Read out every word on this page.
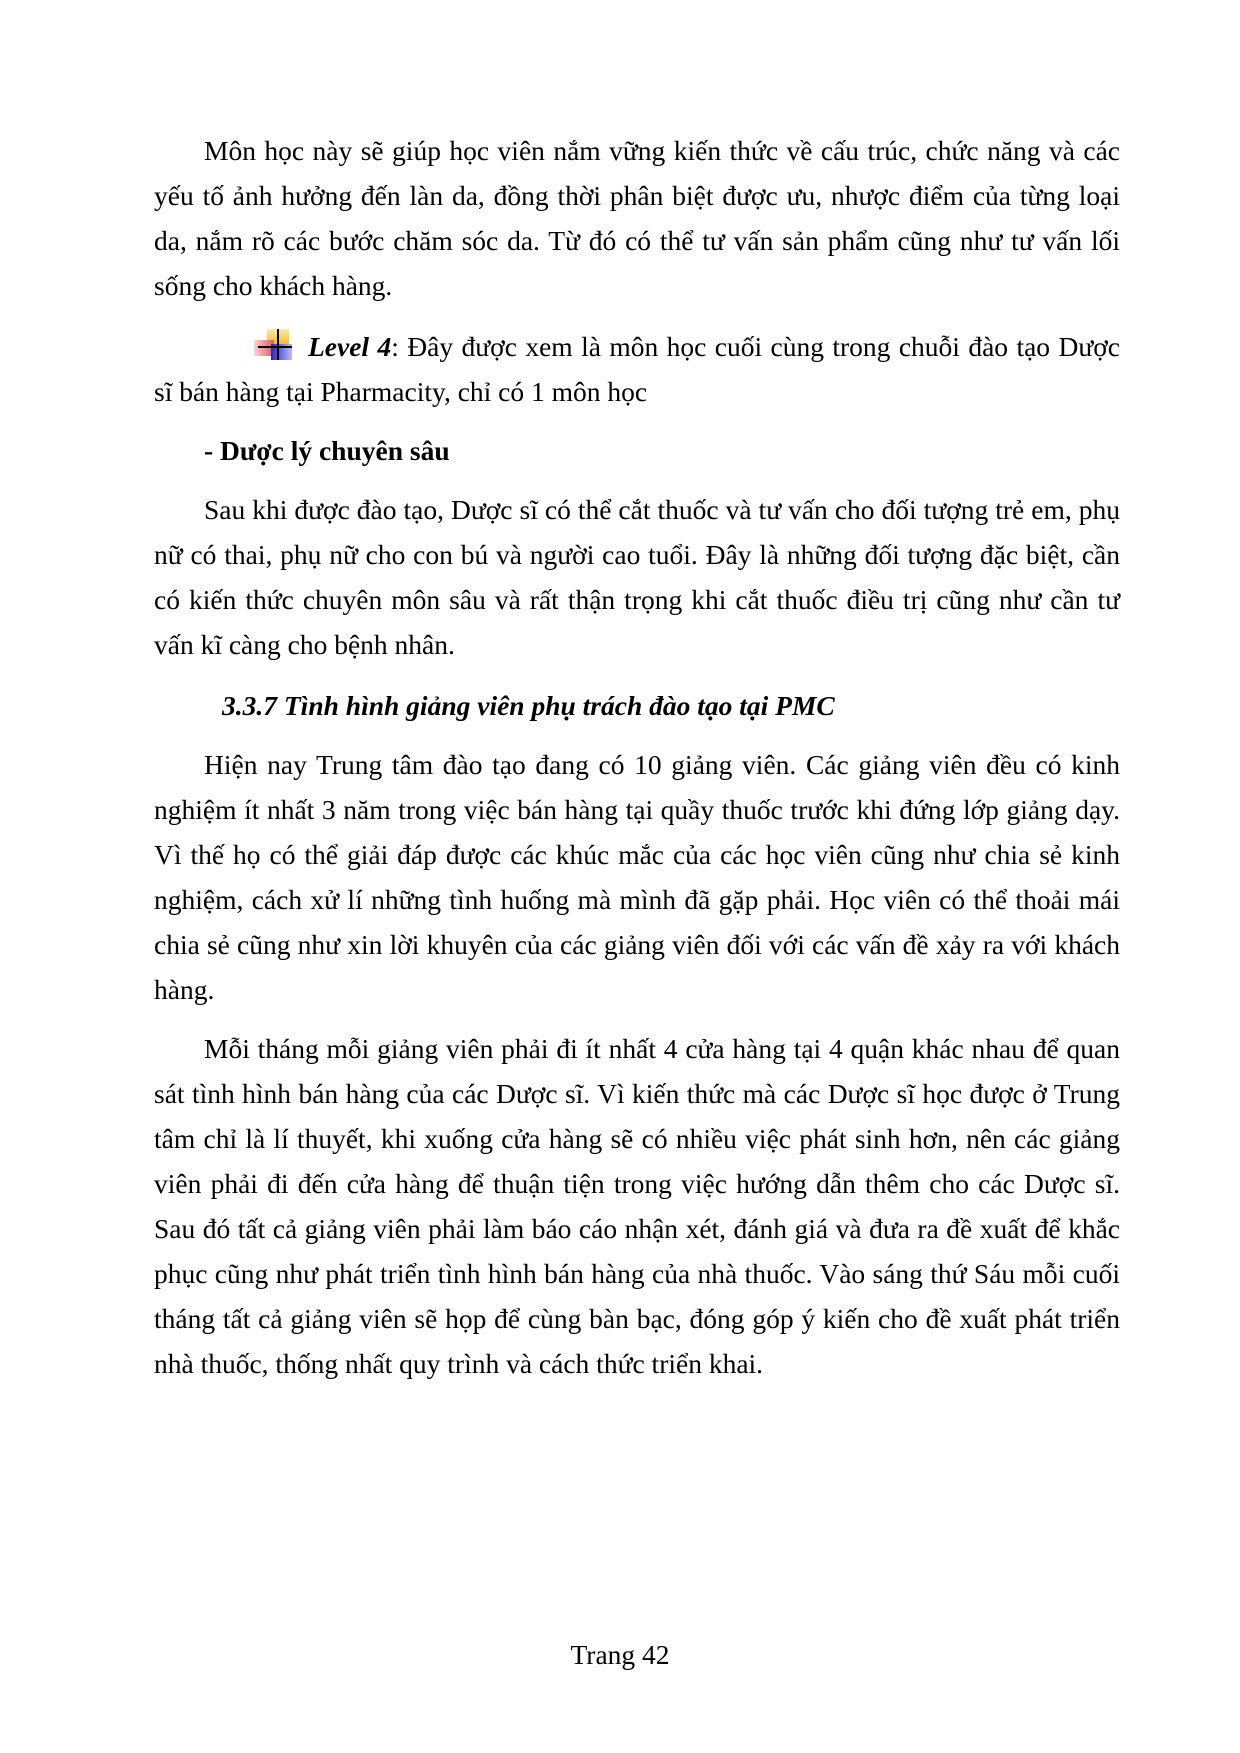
Môn học này sẽ giúp học viên nắm vững kiến thức về cấu trúc, chức năng và các yếu tố ảnh hưởng đến làn da, đồng thời phân biệt được ưu, nhược điểm của từng loại da, nắm rõ các bước chăm sóc da. Từ đó có thể tư vấn sản phẩm cũng như tư vấn lối sống cho khách hàng.

Level 4: Đây được xem là môn học cuối cùng trong chuỗi đào tạo Dược sĩ bán hàng tại Pharmacity, chỉ có 1 môn học

- Dược lý chuyên sâu

Sau khi được đào tạo, Dược sĩ có thể cắt thuốc và tư vấn cho đối tượng trẻ em, phụ nữ có thai, phụ nữ cho con bú và người cao tuổi. Đây là những đối tượng đặc biệt, cần có kiến thức chuyên môn sâu và rất thận trọng khi cắt thuốc điều trị cũng như cần tư vấn kĩ càng cho bệnh nhân.

3.3.7 Tình hình giảng viên phụ trách đào tạo tại PMC

Hiện nay Trung tâm đào tạo đang có 10 giảng viên. Các giảng viên đều có kinh nghiệm ít nhất 3 năm trong việc bán hàng tại quầy thuốc trước khi đứng lớp giảng dạy. Vì thế họ có thể giải đáp được các khúc mắc của các học viên cũng như chia sẻ kinh nghiệm, cách xử lí những tình huống mà mình đã gặp phải. Học viên có thể thoải mái chia sẻ cũng như xin lời khuyên của các giảng viên đối với các vấn đề xảy ra với khách hàng.

Mỗi tháng mỗi giảng viên phải đi ít nhất 4 cửa hàng tại 4 quận khác nhau để quan sát tình hình bán hàng của các Dược sĩ. Vì kiến thức mà các Dược sĩ học được ở Trung tâm chỉ là lí thuyết, khi xuống cửa hàng sẽ có nhiều việc phát sinh hơn, nên các giảng viên phải đi đến cửa hàng để thuận tiện trong việc hướng dẫn thêm cho các Dược sĩ. Sau đó tất cả giảng viên phải làm báo cáo nhận xét, đánh giá và đưa ra đề xuất để khắc phục cũng như phát triển tình hình bán hàng của nhà thuốc. Vào sáng thứ Sáu mỗi cuối tháng tất cả giảng viên sẽ họp để cùng bàn bạc, đóng góp ý kiến cho đề xuất phát triển nhà thuốc, thống nhất quy trình và cách thức triển khai.

Trang 42
